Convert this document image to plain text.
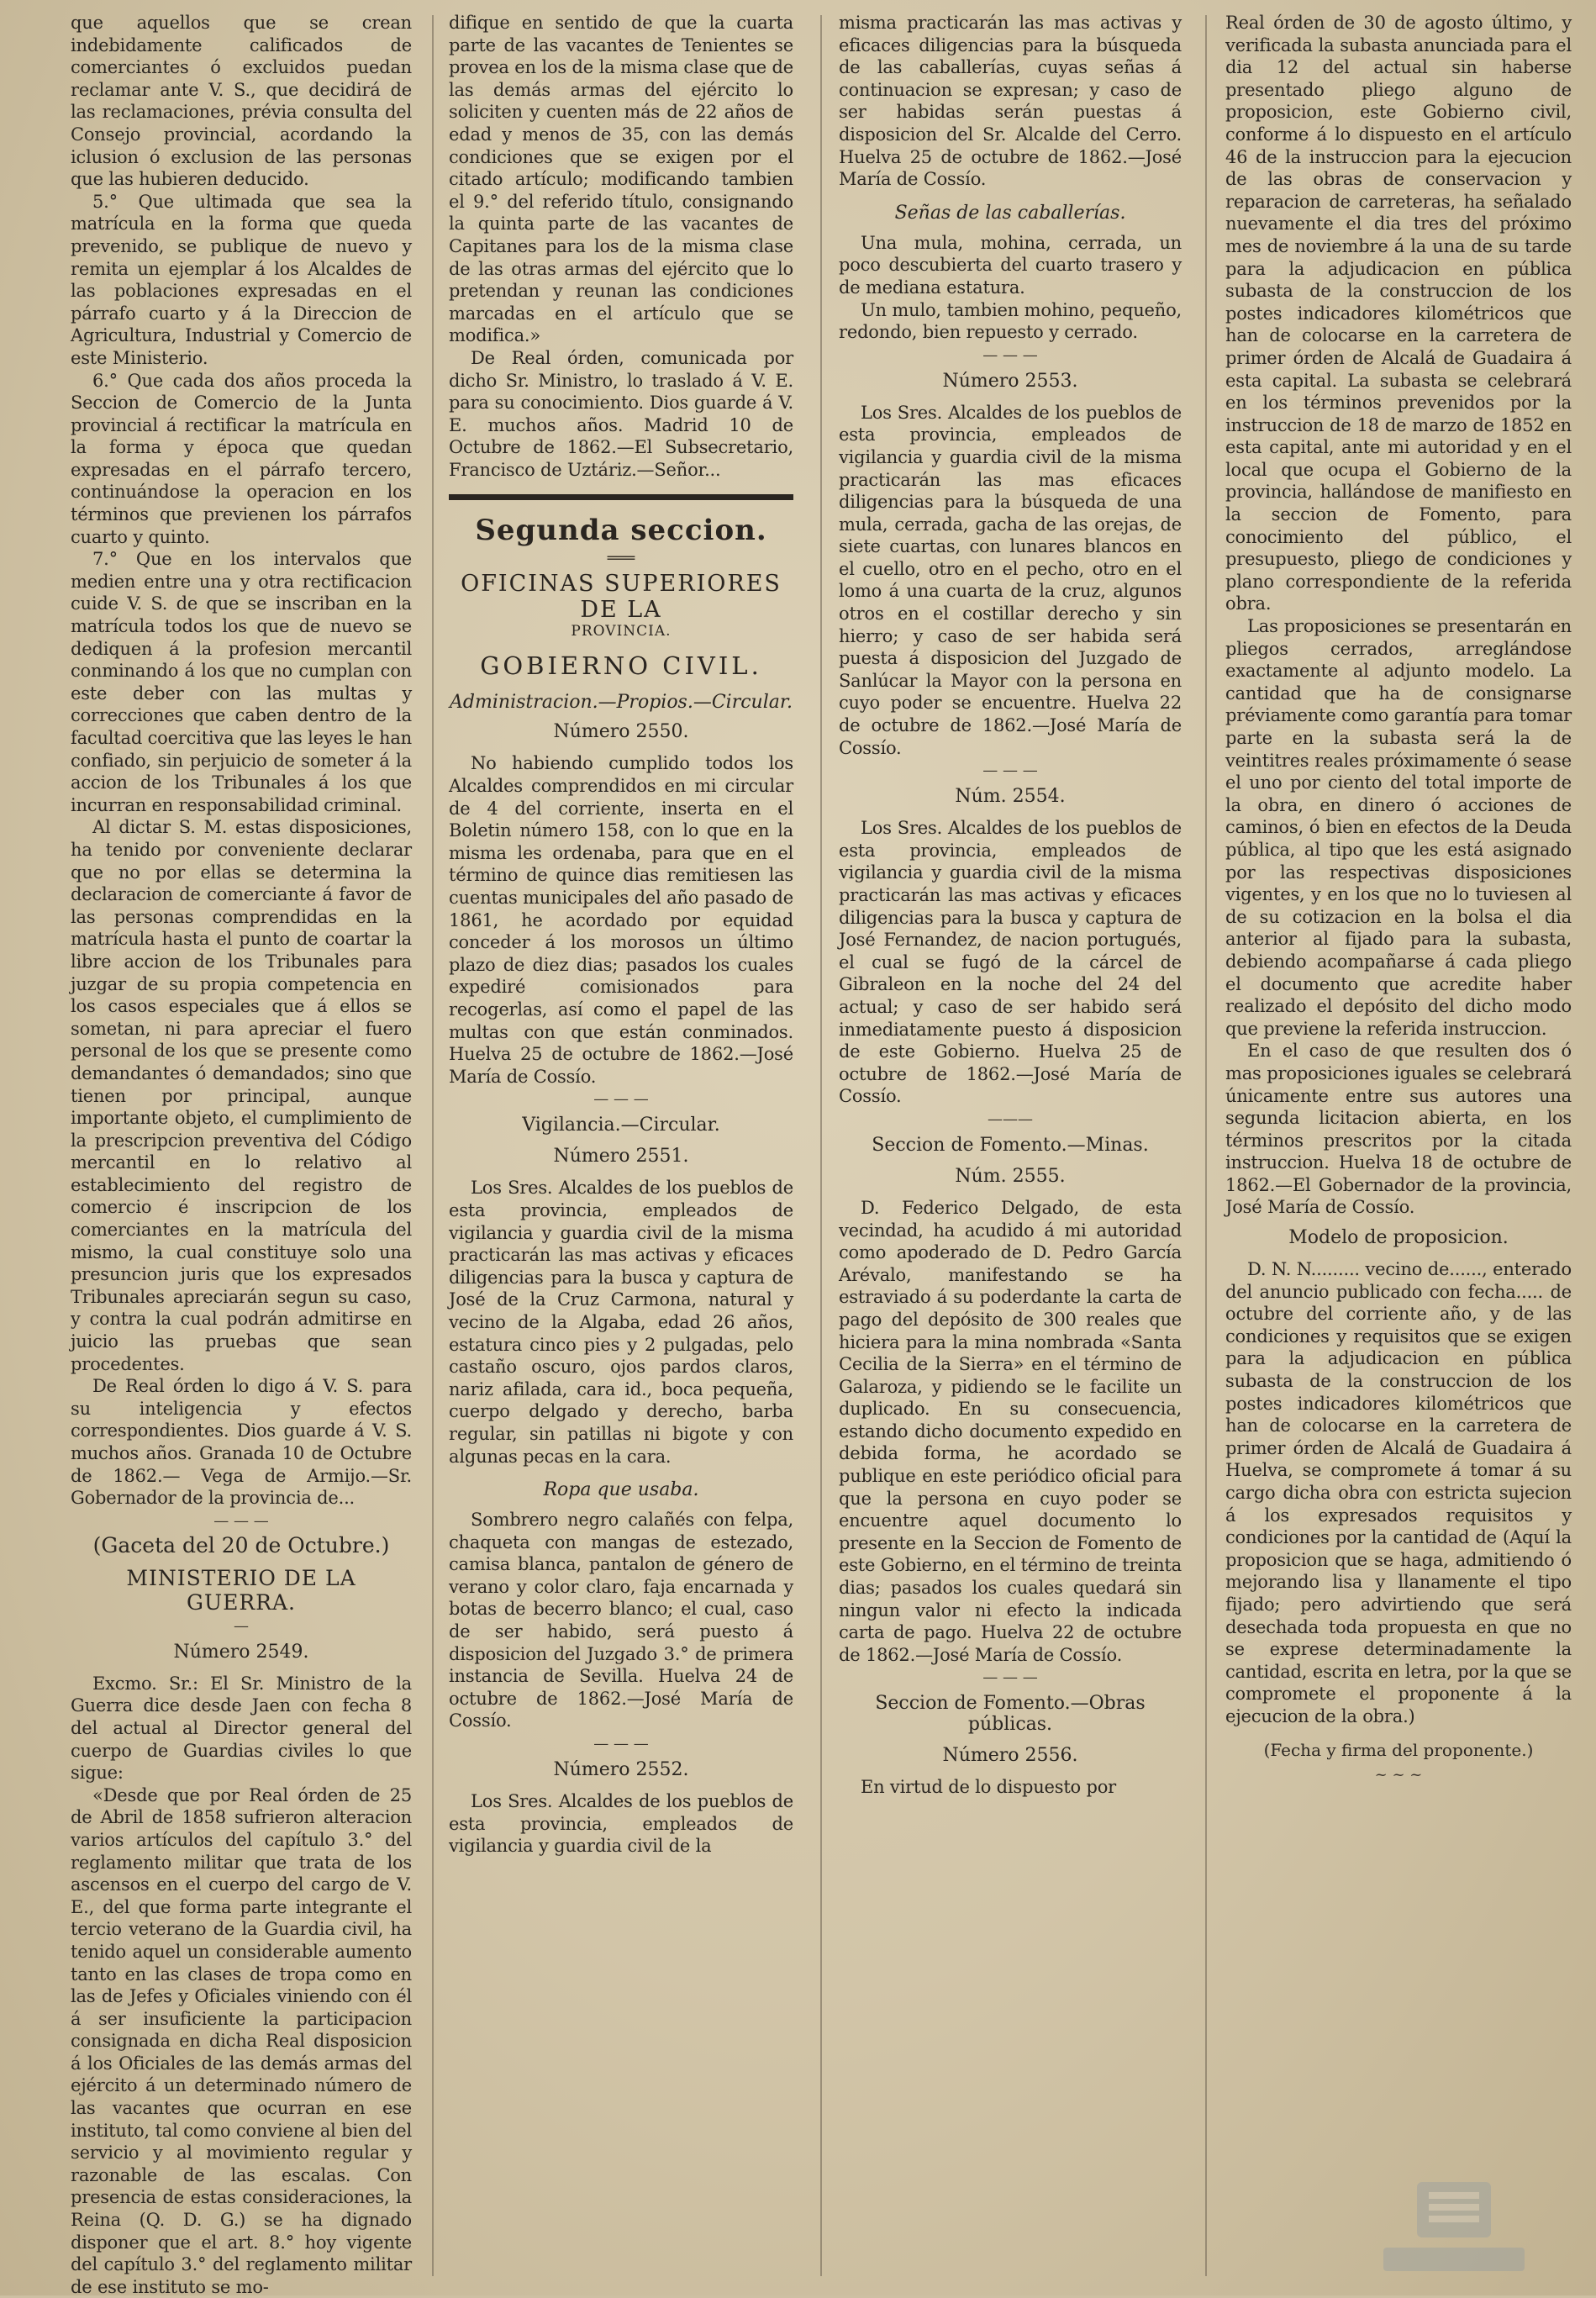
que aquellos que se crean indebidamente calificados de comerciantes ó excluidos puedan reclamar ante V. S., que decidirá de las reclamaciones, prévia consulta del Consejo provincial, acordando la iclusion ó exclusion de las personas que las hubieren deducido.

5.° Que ultimada que sea la matrícula en la forma que queda prevenido, se publique de nuevo y remita un ejemplar á los Alcaldes de las poblaciones expresadas en el párrafo cuarto y á la Direccion de Agricultura, Industrial y Comercio de este Ministerio.

6.° Que cada dos años proceda la Seccion de Comercio de la Junta provincial á rectificar la matrícula en la forma y época que quedan expresadas en el párrafo tercero, continuándose la operacion en los términos que previenen los párrafos cuarto y quinto.

7.° Que en los intervalos que medien entre una y otra rectificacion cuide V. S. de que se inscriban en la matrícula todos los que de nuevo se dediquen á la profesion mercantil conminando á los que no cumplan con este deber con las multas y correcciones que caben dentro de la facultad coercitiva que las leyes le han confiado, sin perjuicio de someter á la accion de los Tribunales á los que incurran en responsabilidad criminal.

Al dictar S. M. estas disposiciones, ha tenido por conveniente declarar que no por ellas se determina la declaracion de comerciante á favor de las personas comprendidas en la matrícula hasta el punto de coartar la libre accion de los Tribunales para juzgar de su propia competencia en los casos especiales que á ellos se sometan, ni para apreciar el fuero personal de los que se presente como demandantes ó demandados; sino que tienen por principal, aunque importante objeto, el cumplimiento de la prescripcion preventiva del Código mercantil en lo relativo al establecimiento del registro de comercio é inscripcion de los comerciantes en la matrícula del mismo, la cual constituye solo una presuncion juris que los expresados Tribunales apreciarán segun su caso, y contra la cual podrán admitirse en juicio las pruebas que sean procedentes.

De Real órden lo digo á V. S. para su inteligencia y efectos correspondientes. Dios guarde á V. S. muchos años. Granada 10 de Octubre de 1862.— Vega de Armijo.—Sr. Gobernador de la provincia de...

— — —
(Gaceta del 20 de Octubre.)
MINISTERIO DE LA GUERRA.
—
Número 2549.

Excmo. Sr.: El Sr. Ministro de la Guerra dice desde Jaen con fecha 8 del actual al Director general del cuerpo de Guardias civiles lo que sigue:

«Desde que por Real órden de 25 de Abril de 1858 sufrieron alteracion varios artículos del capítulo 3.° del reglamento militar que trata de los ascensos en el cuerpo del cargo de V. E., del que forma parte integrante el tercio veterano de la Guardia civil, ha tenido aquel un considerable aumento tanto en las clases de tropa como en las de Jefes y Oficiales viniendo con él á ser insuficiente la participacion consignada en dicha Real disposicion á los Oficiales de las demás armas del ejército á un determinado número de las vacantes que ocurran en ese instituto, tal como conviene al bien del servicio y al movimiento regular y razonable de las escalas. Con presencia de estas consideraciones, la Reina (Q. D. G.) se ha dignado disponer que el art. 8.° hoy vigente del capítulo 3.° del reglamento militar de ese instituto se mo-

difique en sentido de que la cuarta parte de las vacantes de Tenientes se provea en los de la misma clase que de las demás armas del ejército lo soliciten y cuenten más de 22 años de edad y menos de 35, con las demás condiciones que se exigen por el citado artículo; modificando tambien el 9.° del referido título, consignando la quinta parte de las vacantes de Capitanes para los de la misma clase de las otras armas del ejército que lo pretendan y reunan las condiciones marcadas en el artículo que se modifica.»

De Real órden, comunicada por dicho Sr. Ministro, lo traslado á V. E. para su conocimiento. Dios guarde á V. E. muchos años. Madrid 10 de Octubre de 1862.—El Subsecretario, Francisco de Uztáriz.—Señor...

Segunda seccion.
═══
OFICINAS SUPERIORES DE LA
PROVINCIA.
GOBIERNO CIVIL.
Administracion.—Propios.—Circular.
Número 2550.

No habiendo cumplido todos los Alcaldes comprendidos en mi circular de 4 del corriente, inserta en el Boletin número 158, con lo que en la misma les ordenaba, para que en el término de quince dias remitiesen las cuentas municipales del año pasado de 1861, he acordado por equidad conceder á los morosos un último plazo de diez dias; pasados los cuales expediré comisionados para recogerlas, así como el papel de las multas con que están conminados. Huelva 25 de octubre de 1862.—José María de Cossío.

— — —
Vigilancia.—Circular.
Número 2551.

Los Sres. Alcaldes de los pueblos de esta provincia, empleados de vigilancia y guardia civil de la misma practicarán las mas activas y eficaces diligencias para la busca y captura de José de la Cruz Carmona, natural y vecino de la Algaba, edad 26 años, estatura cinco pies y 2 pulgadas, pelo castaño oscuro, ojos pardos claros, nariz afilada, cara id., boca pequeña, cuerpo delgado y derecho, barba regular, sin patillas ni bigote y con algunas pecas en la cara.

Ropa que usaba.

Sombrero negro calañés con felpa, chaqueta con mangas de estezado, camisa blanca, pantalon de género de verano y color claro, faja encarnada y botas de becerro blanco; el cual, caso de ser habido, será puesto á disposicion del Juzgado 3.° de primera instancia de Sevilla. Huelva 24 de octubre de 1862.—José María de Cossío.

— — —
Número 2552.

Los Sres. Alcaldes de los pueblos de esta provincia, empleados de vigilancia y guardia civil de la

misma practicarán las mas activas y eficaces diligencias para la búsqueda de las caballerías, cuyas señas á continuacion se expresan; y caso de ser habidas serán puestas á disposicion del Sr. Alcalde del Cerro. Huelva 25 de octubre de 1862.—José María de Cossío.

Señas de las caballerías.

Una mula, mohina, cerrada, un poco descubierta del cuarto trasero y de mediana estatura.

Un mulo, tambien mohino, pequeño, redondo, bien repuesto y cerrado.

— — —
Número 2553.

Los Sres. Alcaldes de los pueblos de esta provincia, empleados de vigilancia y guardia civil de la misma practicarán las mas eficaces diligencias para la búsqueda de una mula, cerrada, gacha de las orejas, de siete cuartas, con lunares blancos en el cuello, otro en el pecho, otro en el lomo á una cuarta de la cruz, algunos otros en el costillar derecho y sin hierro; y caso de ser habida será puesta á disposicion del Juzgado de Sanlúcar la Mayor con la persona en cuyo poder se encuentre. Huelva 22 de octubre de 1862.—José María de Cossío.

— — —
Núm. 2554.

Los Sres. Alcaldes de los pueblos de esta provincia, empleados de vigilancia y guardia civil de la misma practicarán las mas activas y eficaces diligencias para la busca y captura de José Fernandez, de nacion portugués, el cual se fugó de la cárcel de Gibraleon en la noche del 24 del actual; y caso de ser habido será inmediatamente puesto á disposicion de este Gobierno. Huelva 25 de octubre de 1862.—José María de Cossío.

———
Seccion de Fomento.—Minas.
Núm. 2555.

D. Federico Delgado, de esta vecindad, ha acudido á mi autoridad como apoderado de D. Pedro García Arévalo, manifestando se ha estraviado á su poderdante la carta de pago del depósito de 300 reales que hiciera para la mina nombrada «Santa Cecilia de la Sierra» en el término de Galaroza, y pidiendo se le facilite un duplicado. En su consecuencia, estando dicho documento expedido en debida forma, he acordado se publique en este periódico oficial para que la persona en cuyo poder se encuentre aquel documento lo presente en la Seccion de Fomento de este Gobierno, en el término de treinta dias; pasados los cuales quedará sin ningun valor ni efecto la indicada carta de pago. Huelva 22 de octubre de 1862.—José María de Cossío.

— — —
Seccion de Fomento.—Obras públicas.
Número 2556.

En virtud de lo dispuesto por

Real órden de 30 de agosto último, y verificada la subasta anunciada para el dia 12 del actual sin haberse presentado pliego alguno de proposicion, este Gobierno civil, conforme á lo dispuesto en el artículo 46 de la instruccion para la ejecucion de las obras de conservacion y reparacion de carreteras, ha señalado nuevamente el dia tres del próximo mes de noviembre á la una de su tarde para la adjudicacion en pública subasta de la construccion de los postes indicadores kilométricos que han de colocarse en la carretera de primer órden de Alcalá de Guadaira á esta capital. La subasta se celebrará en los términos prevenidos por la instruccion de 18 de marzo de 1852 en esta capital, ante mi autoridad y en el local que ocupa el Gobierno de la provincia, hallándose de manifiesto en la seccion de Fomento, para conocimiento del público, el presupuesto, pliego de condiciones y plano correspondiente de la referida obra.

Las proposiciones se presentarán en pliegos cerrados, arreglándose exactamente al adjunto modelo. La cantidad que ha de consignarse préviamente como garantía para tomar parte en la subasta será la de veintitres reales próximamente ó sease el uno por ciento del total importe de la obra, en dinero ó acciones de caminos, ó bien en efectos de la Deuda pública, al tipo que les está asignado por las respectivas disposiciones vigentes, y en los que no lo tuviesen al de su cotizacion en la bolsa el dia anterior al fijado para la subasta, debiendo acompañarse á cada pliego el documento que acredite haber realizado el depósito del dicho modo que previene la referida instruccion.

En el caso de que resulten dos ó mas proposiciones iguales se celebrará únicamente entre sus autores una segunda licitacion abierta, en los términos prescritos por la citada instruccion. Huelva 18 de octubre de 1862.—El Gobernador de la provincia, José María de Cossío.

Modelo de proposicion.

D. N. N......... vecino de......, enterado del anuncio publicado con fecha..... de octubre del corriente año, y de las condiciones y requisitos que se exigen para la adjudicacion en pública subasta de la construccion de los postes indicadores kilométricos que han de colocarse en la carretera de primer órden de Alcalá de Guadaira á Huelva, se compromete á tomar á su cargo dicha obra con estricta sujecion á los expresados requisitos y condiciones por la cantidad de (Aquí la proposicion que se haga, admitiendo ó mejorando lisa y llanamente el tipo fijado; pero advirtiendo que será desechada toda propuesta en que no se exprese determinadamente la cantidad, escrita en letra, por la que se compromete el proponente á la ejecucion de la obra.)

(Fecha y firma del proponente.)
~ ~ ~
